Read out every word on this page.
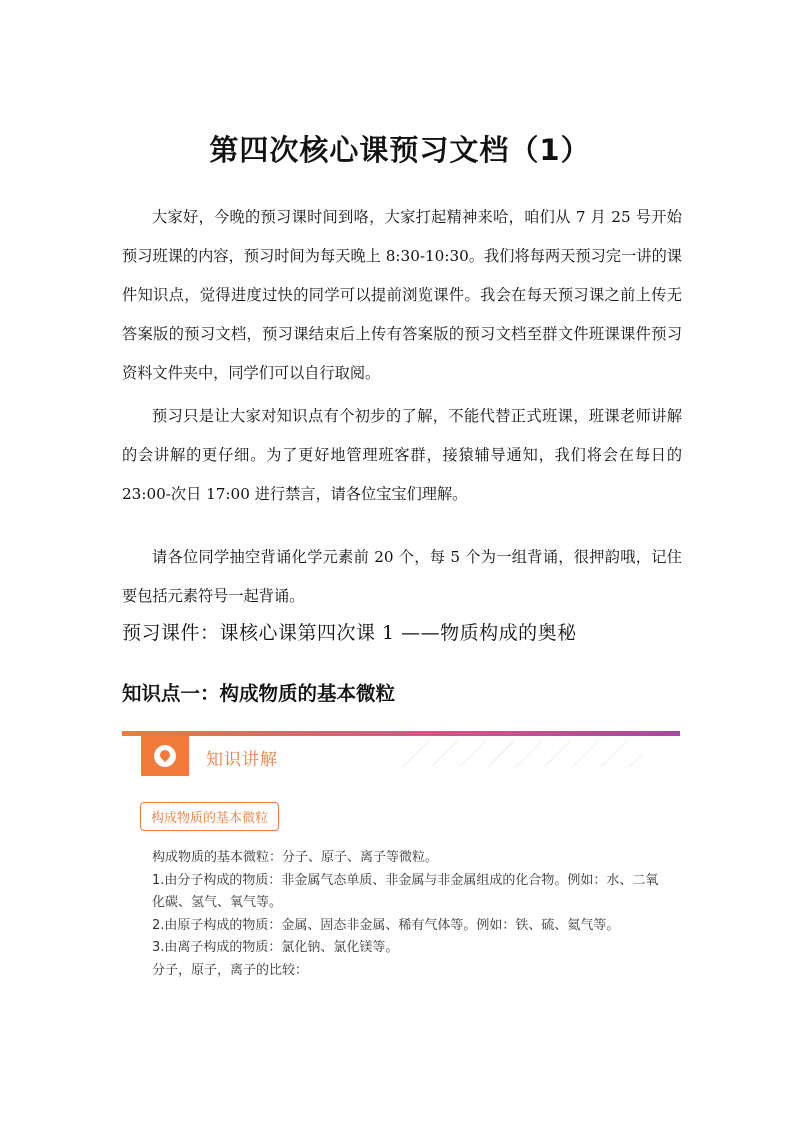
第四次核心课预习文档（1）
大家好，今晚的预习课时间到咯，大家打起精神来哈，咱们从 7 月 25 号开始预习班课的内容，预习时间为每天晚上 8:30-10:30。我们将每两天预习完一讲的课件知识点，觉得进度过快的同学可以提前浏览课件。我会在每天预习课之前上传无答案版的预习文档，预习课结束后上传有答案版的预习文档至群文件班课课件预习资料文件夹中，同学们可以自行取阅。
预习只是让大家对知识点有个初步的了解，不能代替正式班课，班课老师讲解的会讲解的更仔细。为了更好地管理班客群，接猿辅导通知，我们将会在每日的 23:00-次日 17:00 进行禁言，请各位宝宝们理解。
请各位同学抽空背诵化学元素前 20 个，每 5 个为一组背诵，很押韵哦，记住要包括元素符号一起背诵。
预习课件：课核心课第四次课 1 ——物质构成的奥秘
知识点一：构成物质的基本微粒
知识讲解
构成物质的基本微粒
构成物质的基本微粒：分子、原子、离子等微粒。
1.由分子构成的物质：非金属气态单质、非金属与非金属组成的化合物。例如：水、二氧化碳、氢气、氧气等。
2.由原子构成的物质：金属、固态非金属、稀有气体等。例如：铁、硫、氦气等。
3.由离子构成的物质：氯化钠、氯化镁等。
分子，原子，离子的比较：
